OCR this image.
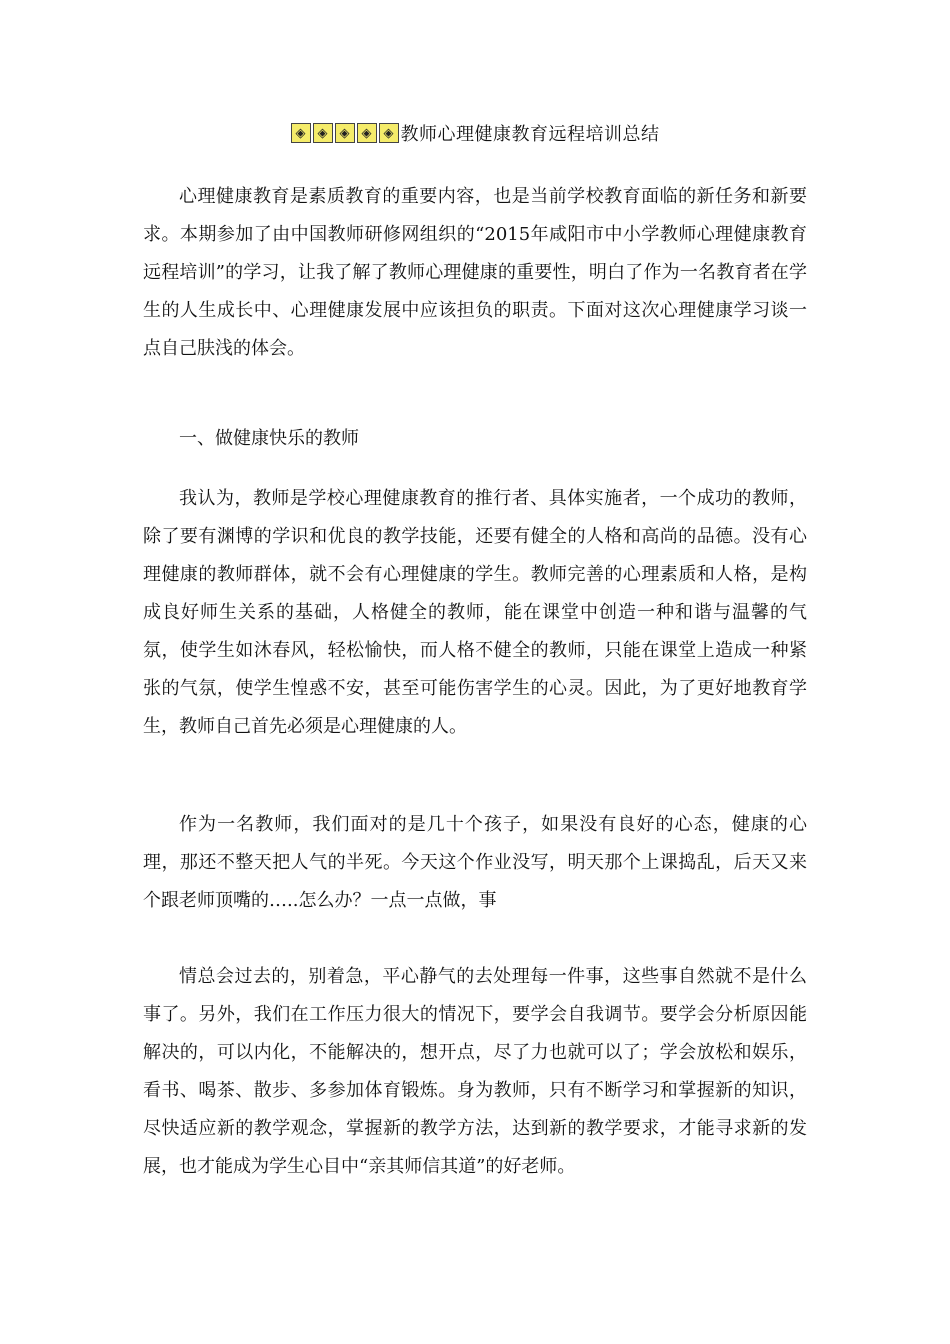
◈ ◈ ◈ ◈ ◈ 教师心理健康教育远程培训总结

心理健康教育是素质教育的重要内容，也是当前学校教育面临的新任务和新要求。本期参加了由中国教师研修网组织的“2015年咸阳市中小学教师心理健康教育远程培训”的学习，让我了解了教师心理健康的重要性，明白了作为一名教育者在学生的人生成长中、心理健康发展中应该担负的职责。下面对这次心理健康学习谈一点自己肤浅的体会。

一、做健康快乐的教师

我认为，教师是学校心理健康教育的推行者、具体实施者，一个成功的教师，除了要有渊博的学识和优良的教学技能，还要有健全的人格和高尚的品德。没有心理健康的教师群体，就不会有心理健康的学生。教师完善的心理素质和人格，是构成良好师生关系的基础，人格健全的教师，能在课堂中创造一种和谐与温馨的气氛，使学生如沐春风，轻松愉快，而人格不健全的教师，只能在课堂上造成一种紧张的气氛，使学生惶惑不安，甚至可能伤害学生的心灵。因此，为了更好地教育学生，教师自己首先必须是心理健康的人。

作为一名教师，我们面对的是几十个孩子，如果没有良好的心态，健康的心理，那还不整天把人气的半死。今天这个作业没写，明天那个上课捣乱，后天又来个跟老师顶嘴的…..怎么办？一点一点做，事

情总会过去的，别着急，平心静气的去处理每一件事，这些事自然就不是什么事了。另外，我们在工作压力很大的情况下，要学会自我调节。要学会分析原因能解决的，可以内化，不能解决的，想开点，尽了力也就可以了；学会放松和娱乐，看书、喝茶、散步、多参加体育锻炼。身为教师，只有不断学习和掌握新的知识，尽快适应新的教学观念，掌握新的教学方法，达到新的教学要求，才能寻求新的发展，也才能成为学生心目中“亲其师信其道”的好老师。
